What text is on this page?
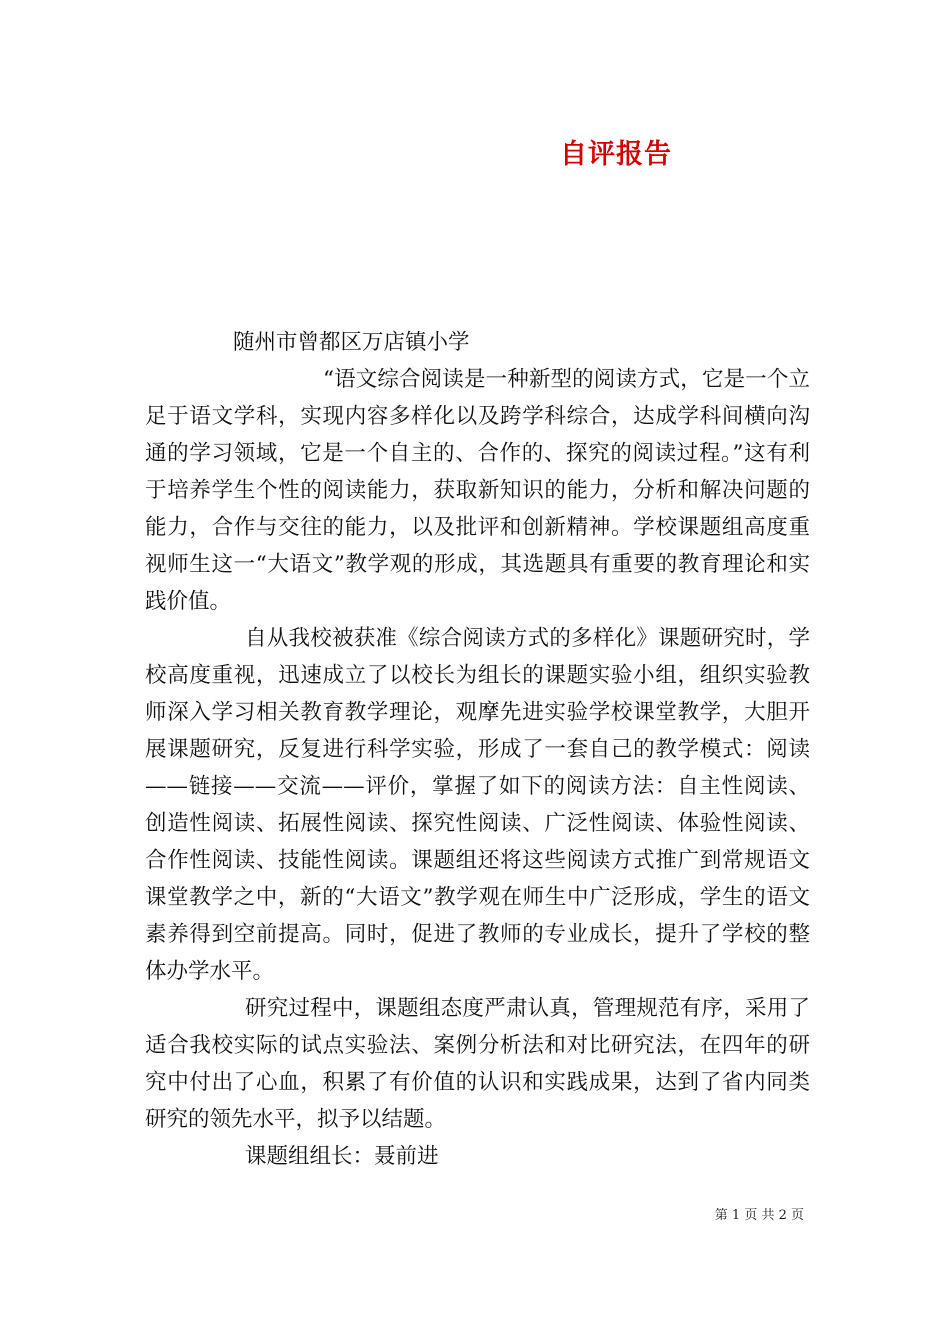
自评报告

随州市曾都区万店镇小学

“语文综合阅读是一种新型的阅读方式，它是一个立足于语文学科，实现内容多样化以及跨学科综合，达成学科间横向沟通的学习领域，它是一个自主的、合作的、探究的阅读过程。”这有利于培养学生个性的阅读能力，获取新知识的能力，分析和解决问题的能力，合作与交往的能力，以及批评和创新精神。学校课题组高度重视师生这一“大语文”教学观的形成，其选题具有重要的教育理论和实践价值。

自从我校被获准《综合阅读方式的多样化》课题研究时，学校高度重视，迅速成立了以校长为组长的课题实验小组，组织实验教师深入学习相关教育教学理论，观摩先进实验学校课堂教学，大胆开展课题研究，反复进行科学实验，形成了一套自己的教学模式：阅读——链接——交流——评价，掌握了如下的阅读方法：自主性阅读、创造性阅读、拓展性阅读、探究性阅读、广泛性阅读、体验性阅读、合作性阅读、技能性阅读。课题组还将这些阅读方式推广到常规语文课堂教学之中，新的“大语文”教学观在师生中广泛形成，学生的语文素养得到空前提高。同时，促进了教师的专业成长，提升了学校的整体办学水平。

研究过程中，课题组态度严肃认真，管理规范有序，采用了适合我校实际的试点实验法、案例分析法和对比研究法，在四年的研究中付出了心血，积累了有价值的认识和实践成果，达到了省内同类研究的领先水平，拟予以结题。

课题组组长：聂前进

第 1 页 共 2 页
